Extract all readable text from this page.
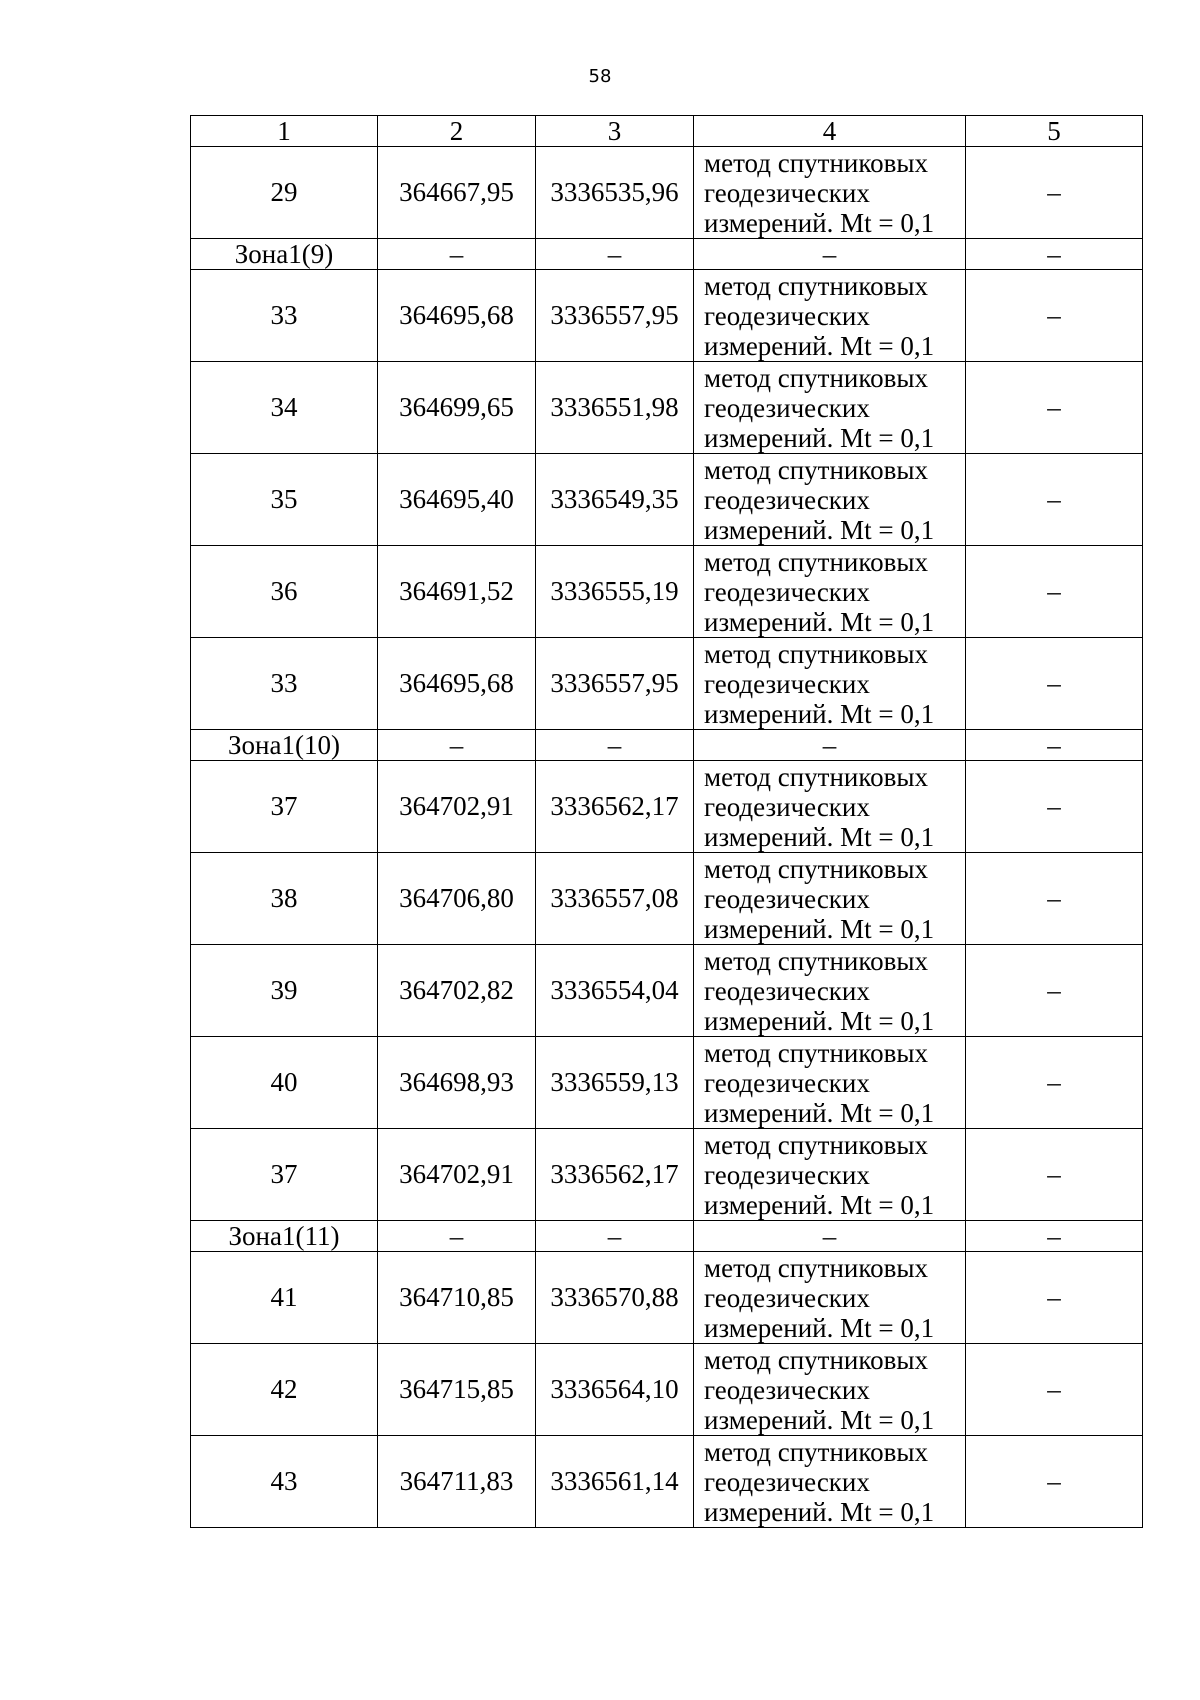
58
1	2	3	4	5
29	364667,95	3336535,96	метод спутниковых
геодезических
измерений. Mt = 0,1	–
Зона1(9)	–	–	–	–
33	364695,68	3336557,95	метод спутниковых
геодезических
измерений. Mt = 0,1	–
34	364699,65	3336551,98	метод спутниковых
геодезических
измерений. Mt = 0,1	–
35	364695,40	3336549,35	метод спутниковых
геодезических
измерений. Mt = 0,1	–
36	364691,52	3336555,19	метод спутниковых
геодезических
измерений. Mt = 0,1	–
33	364695,68	3336557,95	метод спутниковых
геодезических
измерений. Mt = 0,1	–
Зона1(10)	–	–	–	–
37	364702,91	3336562,17	метод спутниковых
геодезических
измерений. Mt = 0,1	–
38	364706,80	3336557,08	метод спутниковых
геодезических
измерений. Mt = 0,1	–
39	364702,82	3336554,04	метод спутниковых
геодезических
измерений. Mt = 0,1	–
40	364698,93	3336559,13	метод спутниковых
геодезических
измерений. Mt = 0,1	–
37	364702,91	3336562,17	метод спутниковых
геодезических
измерений. Mt = 0,1	–
Зона1(11)	–	–	–	–
41	364710,85	3336570,88	метод спутниковых
геодезических
измерений. Mt = 0,1	–
42	364715,85	3336564,10	метод спутниковых
геодезических
измерений. Mt = 0,1	–
43	364711,83	3336561,14	метод спутниковых
геодезических
измерений. Mt = 0,1	–
